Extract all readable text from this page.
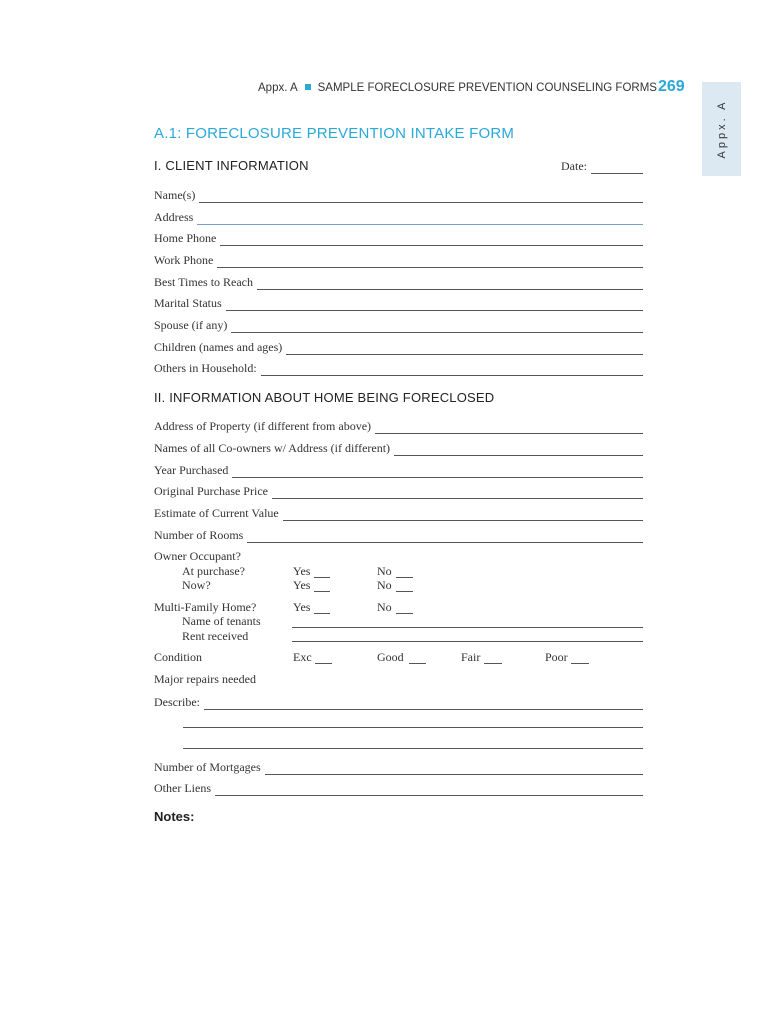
Appx. A SAMPLE FORECLOSURE PREVENTION COUNSELING FORMS 269
Appx. A
A.1: FORECLOSURE PREVENTION INTAKE FORM
I. CLIENT INFORMATION	Date:
Name(s)
Address
Home Phone
Work Phone
Best Times to Reach
Marital Status
Spouse (if any)
Children (names and ages)
Others in Household:
II. INFORMATION ABOUT HOME BEING FORECLOSED
Address of Property (if different from above)
Names of all Co-owners w/ Address (if different)
Year Purchased
Original Purchase Price
Estimate of Current Value
Number of Rooms
Owner Occupant?
At purchase?	Yes	No
Now?	Yes	No
Multi-Family Home?	Yes	No
Name of tenants
Rent received
Condition	Exc	Good	Fair	Poor
Major repairs needed
Describe:
Number of Mortgages
Other Liens
Notes:
